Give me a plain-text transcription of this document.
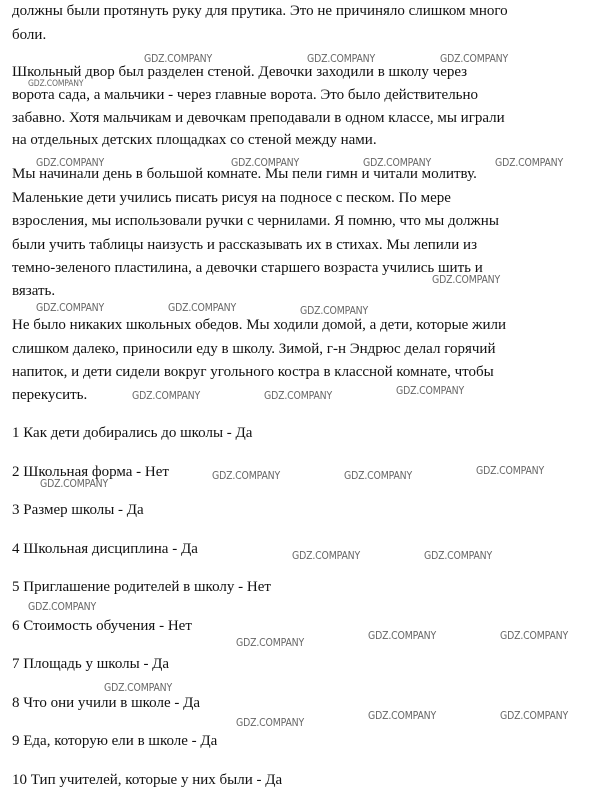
должны были протянуть руку для прутика. Это не причиняло слишком много
боли.
Школьный двор был разделен стеной. Девочки заходили в школу через
ворота сада, а мальчики - через главные ворота. Это было действительно
забавно. Хотя мальчикам и девочкам преподавали в одном классе, мы играли
на отдельных детских площадках со стеной между нами.
Мы начинали день в большой комнате. Мы пели гимн и читали молитву.
Маленькие дети учились писать рисуя на подносе с песком. По мере
взросления, мы использовали ручки с чернилами. Я помню, что мы должны
были учить таблицы наизусть и рассказывать их в стихах. Мы лепили из
темно-зеленого пластилина, а девочки старшего возраста учились шить и
вязать.
Не было никаких школьных обедов. Мы ходили домой, а дети, которые жили
слишком далеко, приносили еду в школу. Зимой, г-н Эндрюс делал горячий
напиток, и дети сидели вокруг угольного костра в классной комнате, чтобы
перекусить.
1 Как дети добирались до школы - Да
2 Школьная форма - Нет
3 Размер школы - Да
4 Школьная дисциплина - Да
5 Приглашение родителей в школу - Нет
6 Стоимость обучения - Нет
7 Площадь у школы - Да
8 Что они учили в школе - Да
9 Еда, которую ели в школе - Да
10 Тип учителей, которые у них были - Да
GDZ.COMPANY	GDZ.COMPANY	GDZ.COMPANY
GDZ.COMPANY
GDZ.COMPANY	GDZ.COMPANY	GDZ.COMPANY	GDZ.COMPANY
GDZ.COMPANY
GDZ.COMPANY	GDZ.COMPANY	GDZ.COMPANY
GDZ.COMPANY	GDZ.COMPANY	GDZ.COMPANY
GDZ.COMPANY	GDZ.COMPANY	GDZ.COMPANY
GDZ.COMPANY
GDZ.COMPANY	GDZ.COMPANY
GDZ.COMPANY
GDZ.COMPANY	GDZ.COMPANY
GDZ.COMPANY
GDZ.COMPANY
GDZ.COMPANY	GDZ.COMPANY
GDZ.COMPANY
